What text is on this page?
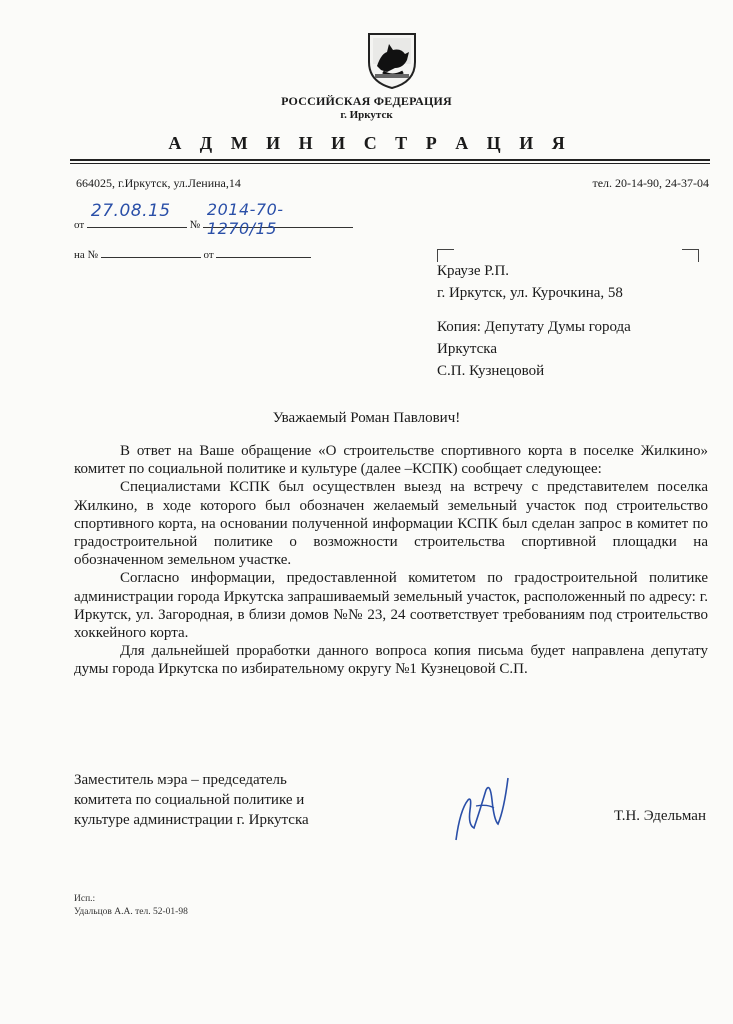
РОССИЙСКАЯ ФЕДЕРАЦИЯ
г. Иркутск
А Д М И Н И С Т Р А Ц И Я
664025, г.Иркутск, ул.Ленина,14	тел. 20-14-90, 24-37-04
от
27.08.15
№
2014-70-1270/15
на №	от
Краузе Р.П.
г. Иркутск, ул. Курочкина, 58
Копия: Депутату Думы города
Иркутска
С.П. Кузнецовой
Уважаемый Роман Павлович!

В ответ на Ваше обращение «О строительстве спортивного корта в поселке Жилкино» комитет по социальной политике и культуре (далее –КСПК) сообщает следующее:

Специалистами КСПК был осуществлен выезд на встречу с представителем поселка Жилкино, в ходе которого был обозначен желаемый земельный участок под строительство спортивного корта, на основании полученной информации КСПК был сделан запрос в комитет по градостроительной политике о возможности строительства спортивной площадки на обозначенном земельном участке.

Согласно информации, предоставленной комитетом по градостроительной политике администрации города Иркутска запрашиваемый земельный участок, расположенный по адресу: г. Иркутск, ул. Загородная, в близи домов №№ 23, 24 соответствует требованиям под строительство хоккейного корта.

Для дальнейшей проработки данного вопроса копия письма будет направлена депутату думы города Иркутска по избирательному округу №1 Кузнецовой С.П.

Заместитель мэра – председатель
комитета по социальной политике и
культуре администрации г. Иркутска	Т.Н. Эдельман
Исп.:
Удальцов А.А. тел. 52-01-98
